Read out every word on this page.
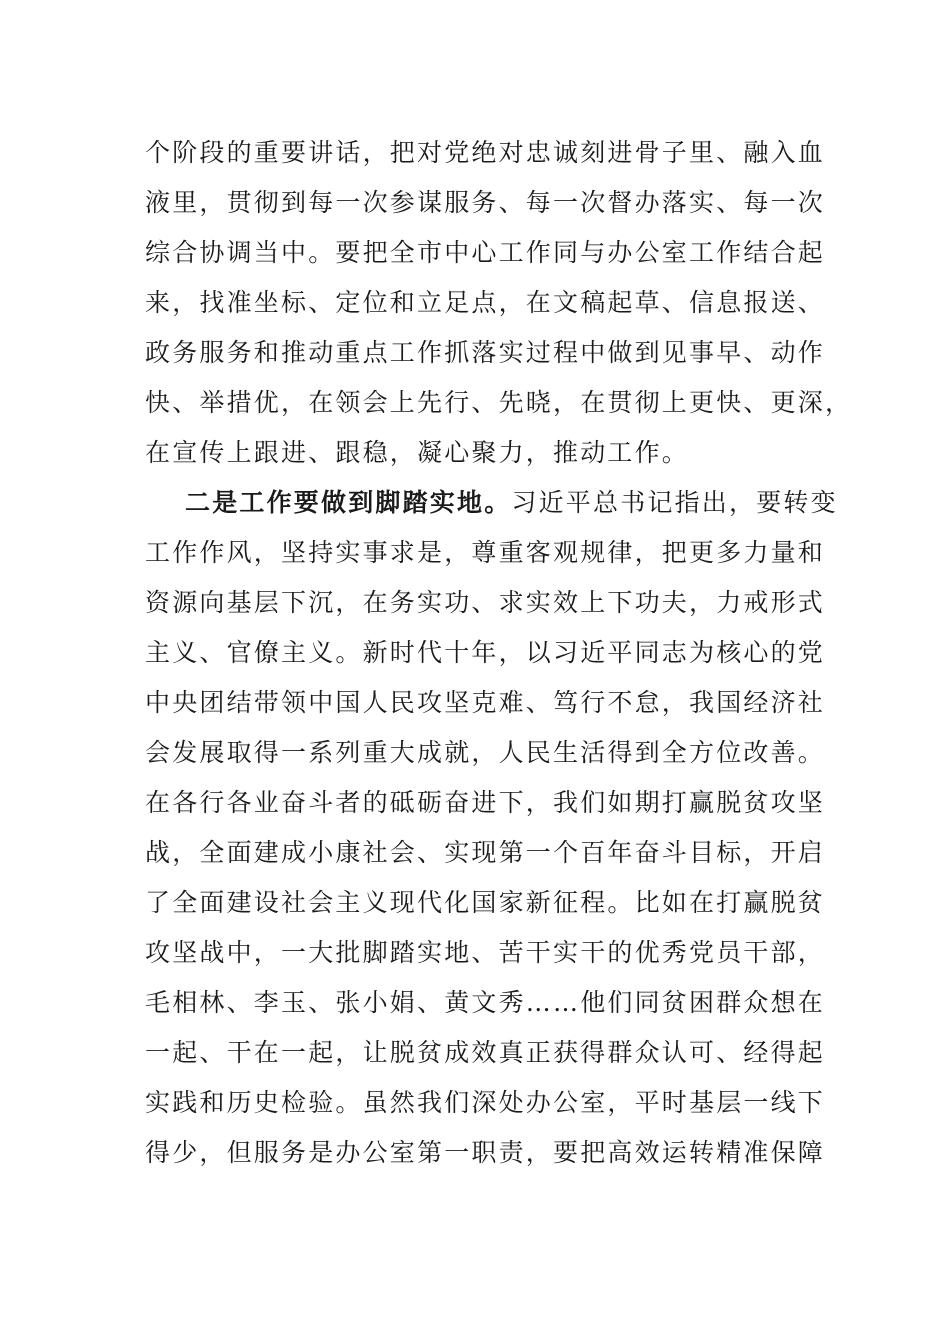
个阶段的重要讲话，把对党绝对忠诚刻进骨子里、融入血
液里，贯彻到每一次参谋服务、每一次督办落实、每一次
综合协调当中。要把全市中心工作同与办公室工作结合起
来，找准坐标、定位和立足点，在文稿起草、信息报送、
政务服务和推动重点工作抓落实过程中做到见事早、动作
快、举措优，在领会上先行、先晓，在贯彻上更快、更深，
在宣传上跟进、跟稳，凝心聚力，推动工作。
二是工作要做到脚踏实地。习近平总书记指出，要转变
工作作风，坚持实事求是，尊重客观规律，把更多力量和
资源向基层下沉，在务实功、求实效上下功夫，力戒形式
主义、官僚主义。新时代十年，以习近平同志为核心的党
中央团结带领中国人民攻坚克难、笃行不怠，我国经济社
会发展取得一系列重大成就，人民生活得到全方位改善。
在各行各业奋斗者的砥砺奋进下，我们如期打赢脱贫攻坚
战，全面建成小康社会、实现第一个百年奋斗目标，开启
了全面建设社会主义现代化国家新征程。比如在打赢脱贫
攻坚战中，一大批脚踏实地、苦干实干的优秀党员干部，
毛相林、李玉、张小娟、黄文秀……他们同贫困群众想在
一起、干在一起，让脱贫成效真正获得群众认可、经得起
实践和历史检验。虽然我们深处办公室，平时基层一线下
得少，但服务是办公室第一职责，要把高效运转精准保障
